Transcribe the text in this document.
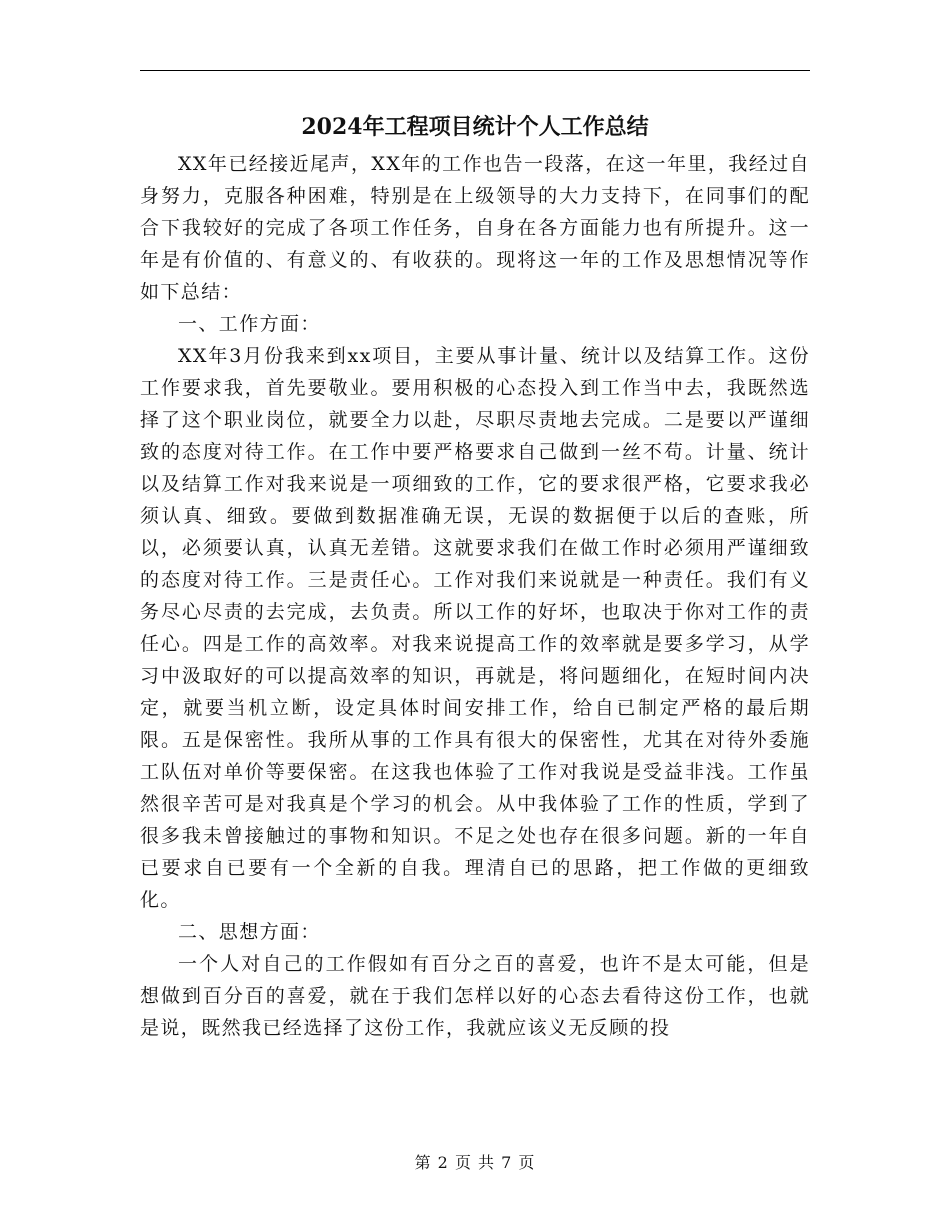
2024年工程项目统计个人工作总结

XX年已经接近尾声，XX年的工作也告一段落，在这一年里，我经过自身努力，克服各种困难，特别是在上级领导的大力支持下，在同事们的配合下我较好的完成了各项工作任务，自身在各方面能力也有所提升。这一年是有价值的、有意义的、有收获的。现将这一年的工作及思想情况等作如下总结：

一、工作方面：

XX年3月份我来到xx项目，主要从事计量、统计以及结算工作。这份工作要求我，首先要敬业。要用积极的心态投入到工作当中去，我既然选择了这个职业岗位，就要全力以赴，尽职尽责地去完成。二是要以严谨细致的态度对待工作。在工作中要严格要求自己做到一丝不苟。计量、统计以及结算工作对我来说是一项细致的工作，它的要求很严格，它要求我必须认真、细致。要做到数据准确无误，无误的数据便于以后的查账，所以，必须要认真，认真无差错。这就要求我们在做工作时必须用严谨细致的态度对待工作。三是责任心。工作对我们来说就是一种责任。我们有义务尽心尽责的去完成，去负责。所以工作的好坏，也取决于你对工作的责任心。四是工作的高效率。对我来说提高工作的效率就是要多学习，从学习中汲取好的可以提高效率的知识，再就是，将问题细化，在短时间内决定，就要当机立断，设定具体时间安排工作，给自已制定严格的最后期限。五是保密性。我所从事的工作具有很大的保密性，尤其在对待外委施工队伍对单价等要保密。在这我也体验了工作对我说是受益非浅。工作虽然很辛苦可是对我真是个学习的机会。从中我体验了工作的性质，学到了很多我未曾接触过的事物和知识。不足之处也存在很多问题。新的一年自已要求自已要有一个全新的自我。理清自已的思路，把工作做的更细致化。

二、思想方面：

一个人对自己的工作假如有百分之百的喜爱，也许不是太可能，但是想做到百分百的喜爱，就在于我们怎样以好的心态去看待这份工作，也就是说，既然我已经选择了这份工作，我就应该义无反顾的投

第 2 页 共 7 页
